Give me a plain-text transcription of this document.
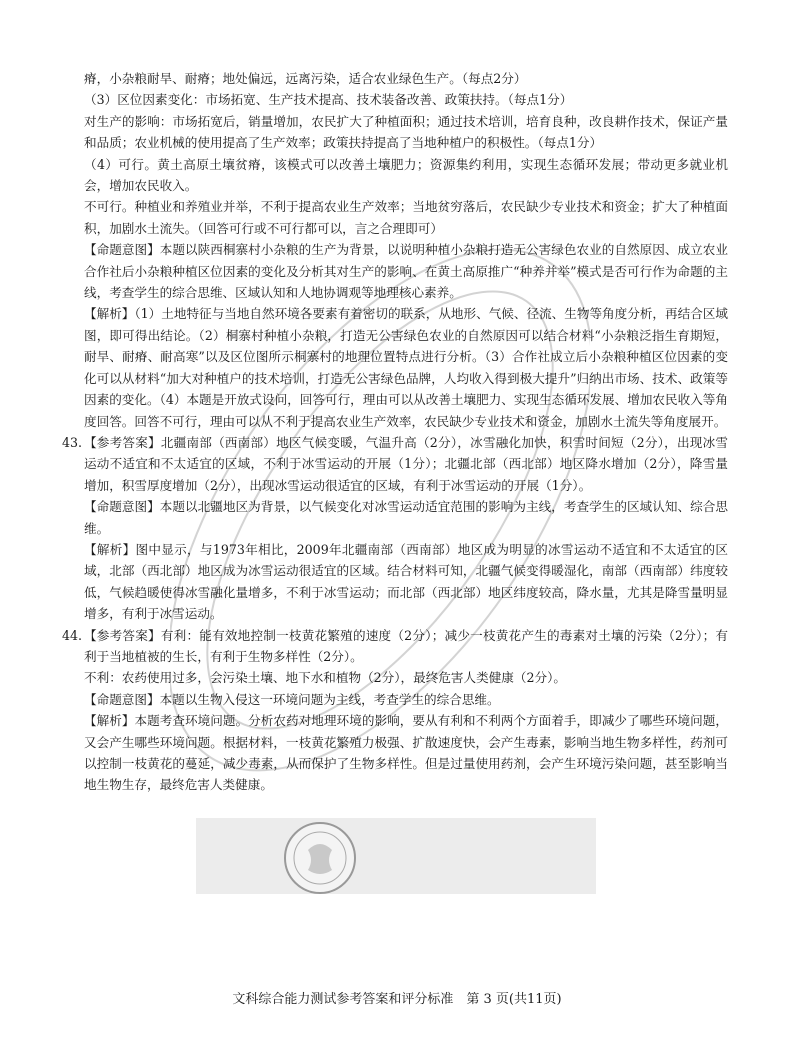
瘠，小杂粮耐旱、耐瘠；地处偏远，远离污染，适合农业绿色生产。（每点2分）

（3）区位因素变化：市场拓宽、生产技术提高、技术装备改善、政策扶持。（每点1分）

对生产的影响：市场拓宽后，销量增加，农民扩大了种植面积；通过技术培训，培育良种，改良耕作技术，保证产量和品质；农业机械的使用提高了生产效率；政策扶持提高了当地种植户的积极性。（每点1分）

（4）可行。黄土高原土壤贫瘠，该模式可以改善土壤肥力；资源集约利用，实现生态循环发展；带动更多就业机会，增加农民收入。

不可行。种植业和养殖业并举，不利于提高农业生产效率；当地贫穷落后，农民缺少专业技术和资金；扩大了种植面积，加剧水土流失。（回答可行或不可行都可以，言之合理即可）

【命题意图】本题以陕西桐寨村小杂粮的生产为背景，以说明种植小杂粮打造无公害绿色农业的自然原因、成立农业合作社后小杂粮种植区位因素的变化及分析其对生产的影响、在黄土高原推广“种养并举”模式是否可行作为命题的主线，考查学生的综合思维、区域认知和人地协调观等地理核心素养。

【解析】（1）土地特征与当地自然环境各要素有着密切的联系，从地形、气候、径流、生物等角度分析，再结合区域图，即可得出结论。（2）桐寨村种植小杂粮，打造无公害绿色农业的自然原因可以结合材料“小杂粮泛指生育期短，耐旱、耐瘠、耐高寒”以及区位图所示桐寨村的地理位置特点进行分析。（3）合作社成立后小杂粮种植区位因素的变化可以从材料“加大对种植户的技术培训，打造无公害绿色品牌，人均收入得到极大提升”归纳出市场、技术、政策等因素的变化。（4）本题是开放式设问，回答可行，理由可以从改善土壤肥力、实现生态循环发展、增加农民收入等角度回答。回答不可行，理由可以从不利于提高农业生产效率，农民缺少专业技术和资金，加剧水土流失等角度展开。

43. 【参考答案】北疆南部（西南部）地区气候变暖，气温升高（2分），冰雪融化加快，积雪时间短（2分），出现冰雪运动不适宜和不太适宜的区域，不利于冰雪运动的开展（1分）；北疆北部（西北部）地区降水增加（2分），降雪量增加，积雪厚度增加（2分），出现冰雪运动很适宜的区域，有利于冰雪运动的开展（1分）。

【命题意图】本题以北疆地区为背景，以气候变化对冰雪运动适宜范围的影响为主线，考查学生的区域认知、综合思维。

【解析】图中显示，与1973年相比，2009年北疆南部（西南部）地区成为明显的冰雪运动不适宜和不太适宜的区域，北部（西北部）地区成为冰雪运动很适宜的区域。结合材料可知，北疆气候变得暖湿化，南部（西南部）纬度较低，气候趋暖使得冰雪融化量增多，不利于冰雪运动；而北部（西北部）地区纬度较高，降水量，尤其是降雪量明显增多，有利于冰雪运动。

44. 【参考答案】有利：能有效地控制一枝黄花繁殖的速度（2分）；减少一枝黄花产生的毒素对土壤的污染（2分）；有利于当地植被的生长，有利于生物多样性（2分）。

不利：农药使用过多，会污染土壤、地下水和植物（2分），最终危害人类健康（2分）。

【命题意图】本题以生物入侵这一环境问题为主线，考查学生的综合思维。

【解析】本题考查环境问题。分析农药对地理环境的影响，要从有利和不利两个方面着手，即减少了哪些环境问题，又会产生哪些环境问题。根据材料，一枝黄花繁殖力极强、扩散速度快，会产生毒素，影响当地生物多样性，药剂可以控制一枝黄花的蔓延，减少毒素，从而保护了生物多样性。但是过量使用药剂，会产生环境污染问题，甚至影响当地生物生存，最终危害人类健康。

文科综合能力测试参考答案和评分标准　第 3 页(共11页)
